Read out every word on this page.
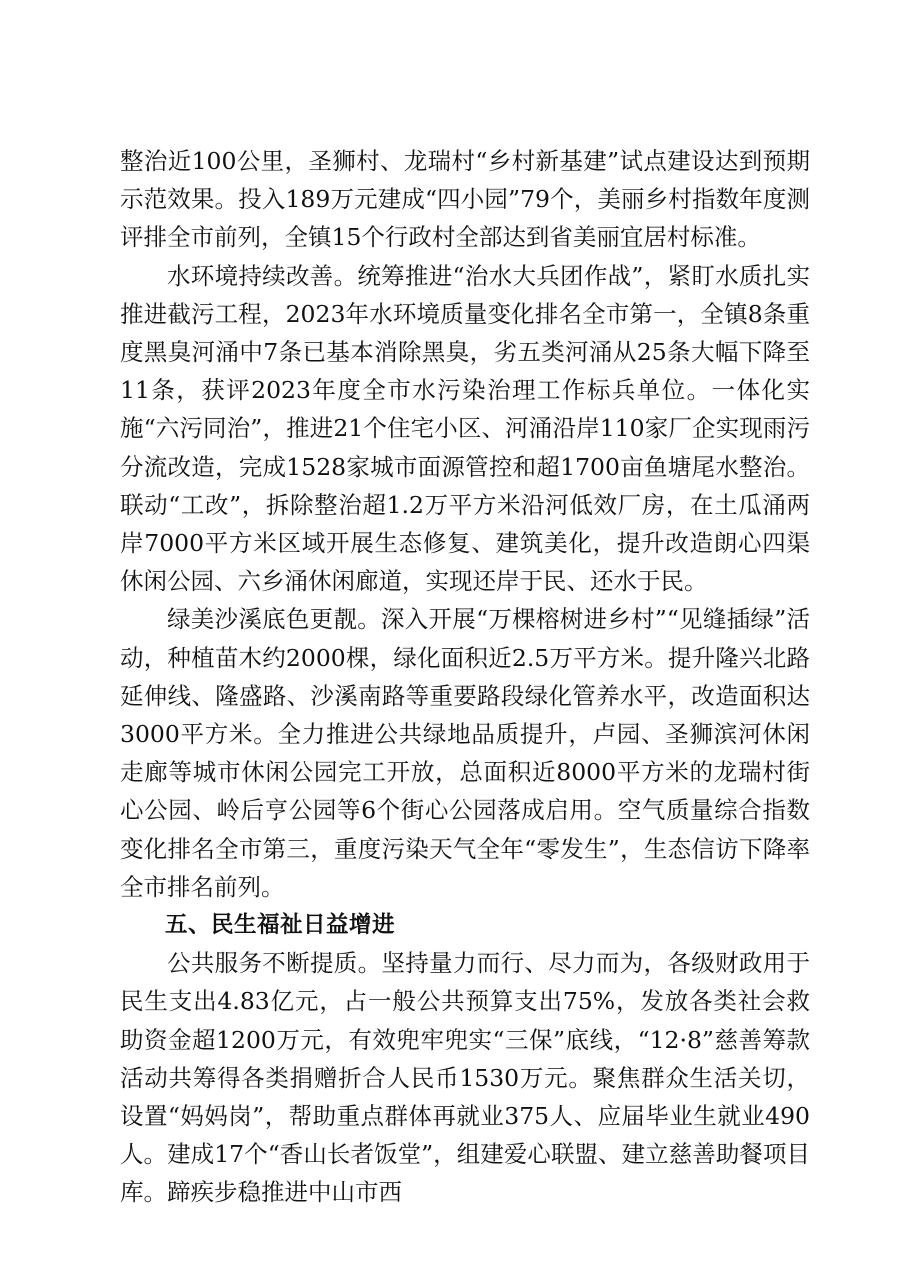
整治近100公里，圣狮村、龙瑞村“乡村新基建”试点建设达到预期示范效果。投入189万元建成“四小园”79个，美丽乡村指数年度测评排全市前列，全镇15个行政村全部达到省美丽宜居村标准。

水环境持续改善。统筹推进“治水大兵团作战”，紧盯水质扎实推进截污工程，2023年水环境质量变化排名全市第一，全镇8条重度黑臭河涌中7条已基本消除黑臭，劣五类河涌从25条大幅下降至11条，获评2023年度全市水污染治理工作标兵单位。一体化实施“六污同治”，推进21个住宅小区、河涌沿岸110家厂企实现雨污分流改造，完成1528家城市面源管控和超1700亩鱼塘尾水整治。联动“工改”，拆除整治超1.2万平方米沿河低效厂房，在土瓜涌两岸7000平方米区域开展生态修复、建筑美化，提升改造朗心四渠休闲公园、六乡涌休闲廊道，实现还岸于民、还水于民。

绿美沙溪底色更靓。深入开展“万棵榕树进乡村”“见缝插绿”活动，种植苗木约2000棵，绿化面积近2.5万平方米。提升隆兴北路延伸线、隆盛路、沙溪南路等重要路段绿化管养水平，改造面积达3000平方米。全力推进公共绿地品质提升，卢园、圣狮滨河休闲走廊等城市休闲公园完工开放，总面积近8000平方米的龙瑞村街心公园、岭后亨公园等6个街心公园落成启用。空气质量综合指数变化排名全市第三，重度污染天气全年“零发生”，生态信访下降率全市排名前列。

五、民生福祉日益增进

公共服务不断提质。坚持量力而行、尽力而为，各级财政用于民生支出4.83亿元，占一般公共预算支出75%，发放各类社会救助资金超1200万元，有效兜牢兜实“三保”底线，“12·8”慈善筹款活动共筹得各类捐赠折合人民币1530万元。聚焦群众生活关切，设置“妈妈岗”，帮助重点群体再就业375人、应届毕业生就业490人。建成17个“香山长者饭堂”，组建爱心联盟、建立慈善助餐项目库。蹄疾步稳推进中山市西
